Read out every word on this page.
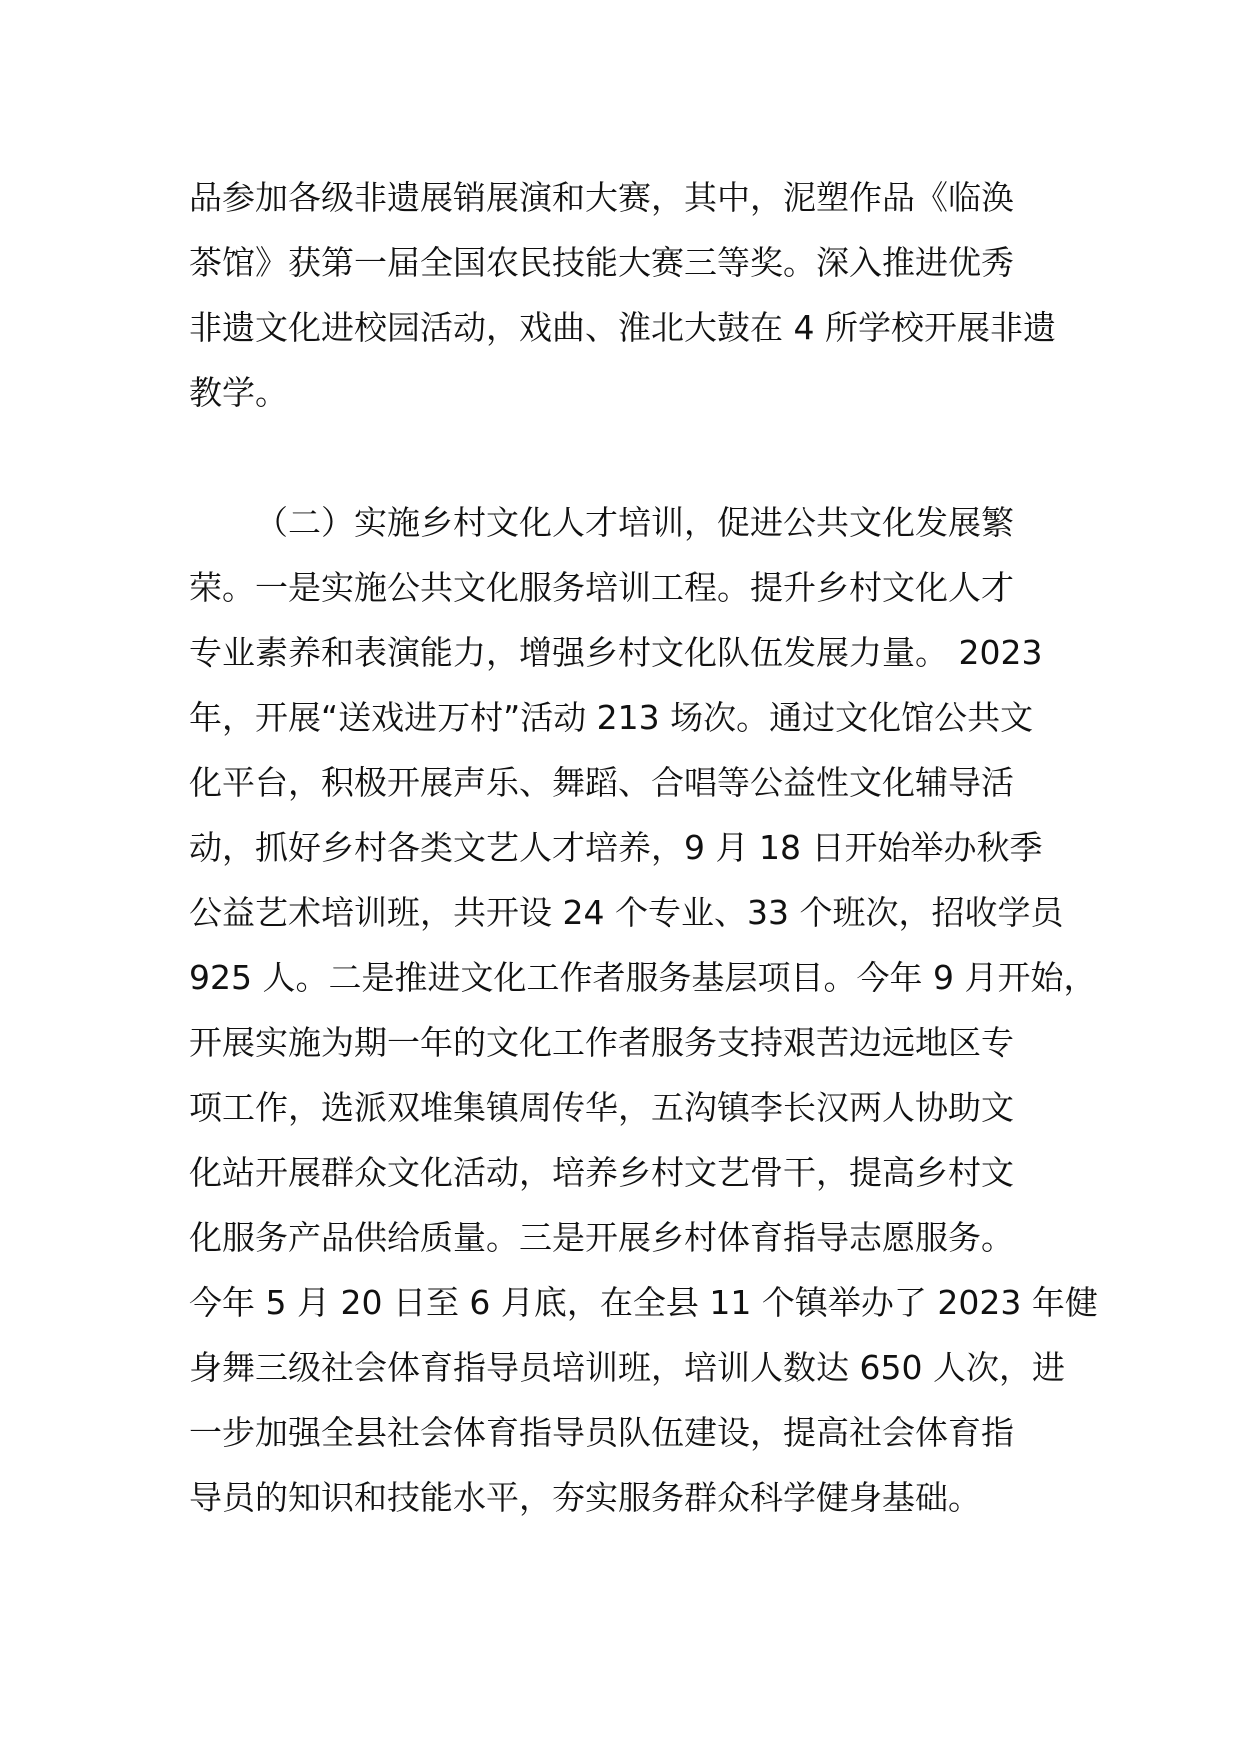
品参加各级非遗展销展演和大赛，其中，泥塑作品《临涣
茶馆》获第一届全国农民技能大赛三等奖。深入推进优秀
非遗文化进校园活动，戏曲、淮北大鼓在 4 所学校开展非遗
教学。
（二）实施乡村文化人才培训，促进公共文化发展繁
荣。一是实施公共文化服务培训工程。提升乡村文化人才
专业素养和表演能力，增强乡村文化队伍发展力量。 2023
年，开展“送戏进万村”活动 213 场次。通过文化馆公共文
化平台，积极开展声乐、舞蹈、合唱等公益性文化辅导活
动，抓好乡村各类文艺人才培养，9 月 18 日开始举办秋季
公益艺术培训班，共开设 24 个专业、33 个班次，招收学员
925 人。二是推进文化工作者服务基层项目。今年 9 月开始，
开展实施为期一年的文化工作者服务支持艰苦边远地区专
项工作，选派双堆集镇周传华，五沟镇李长汉两人协助文
化站开展群众文化活动，培养乡村文艺骨干，提高乡村文
化服务产品供给质量。三是开展乡村体育指导志愿服务。
今年 5 月 20 日至 6 月底，在全县 11 个镇举办了 2023 年健
身舞三级社会体育指导员培训班，培训人数达 650 人次，进
一步加强全县社会体育指导员队伍建设，提高社会体育指
导员的知识和技能水平，夯实服务群众科学健身基础。
